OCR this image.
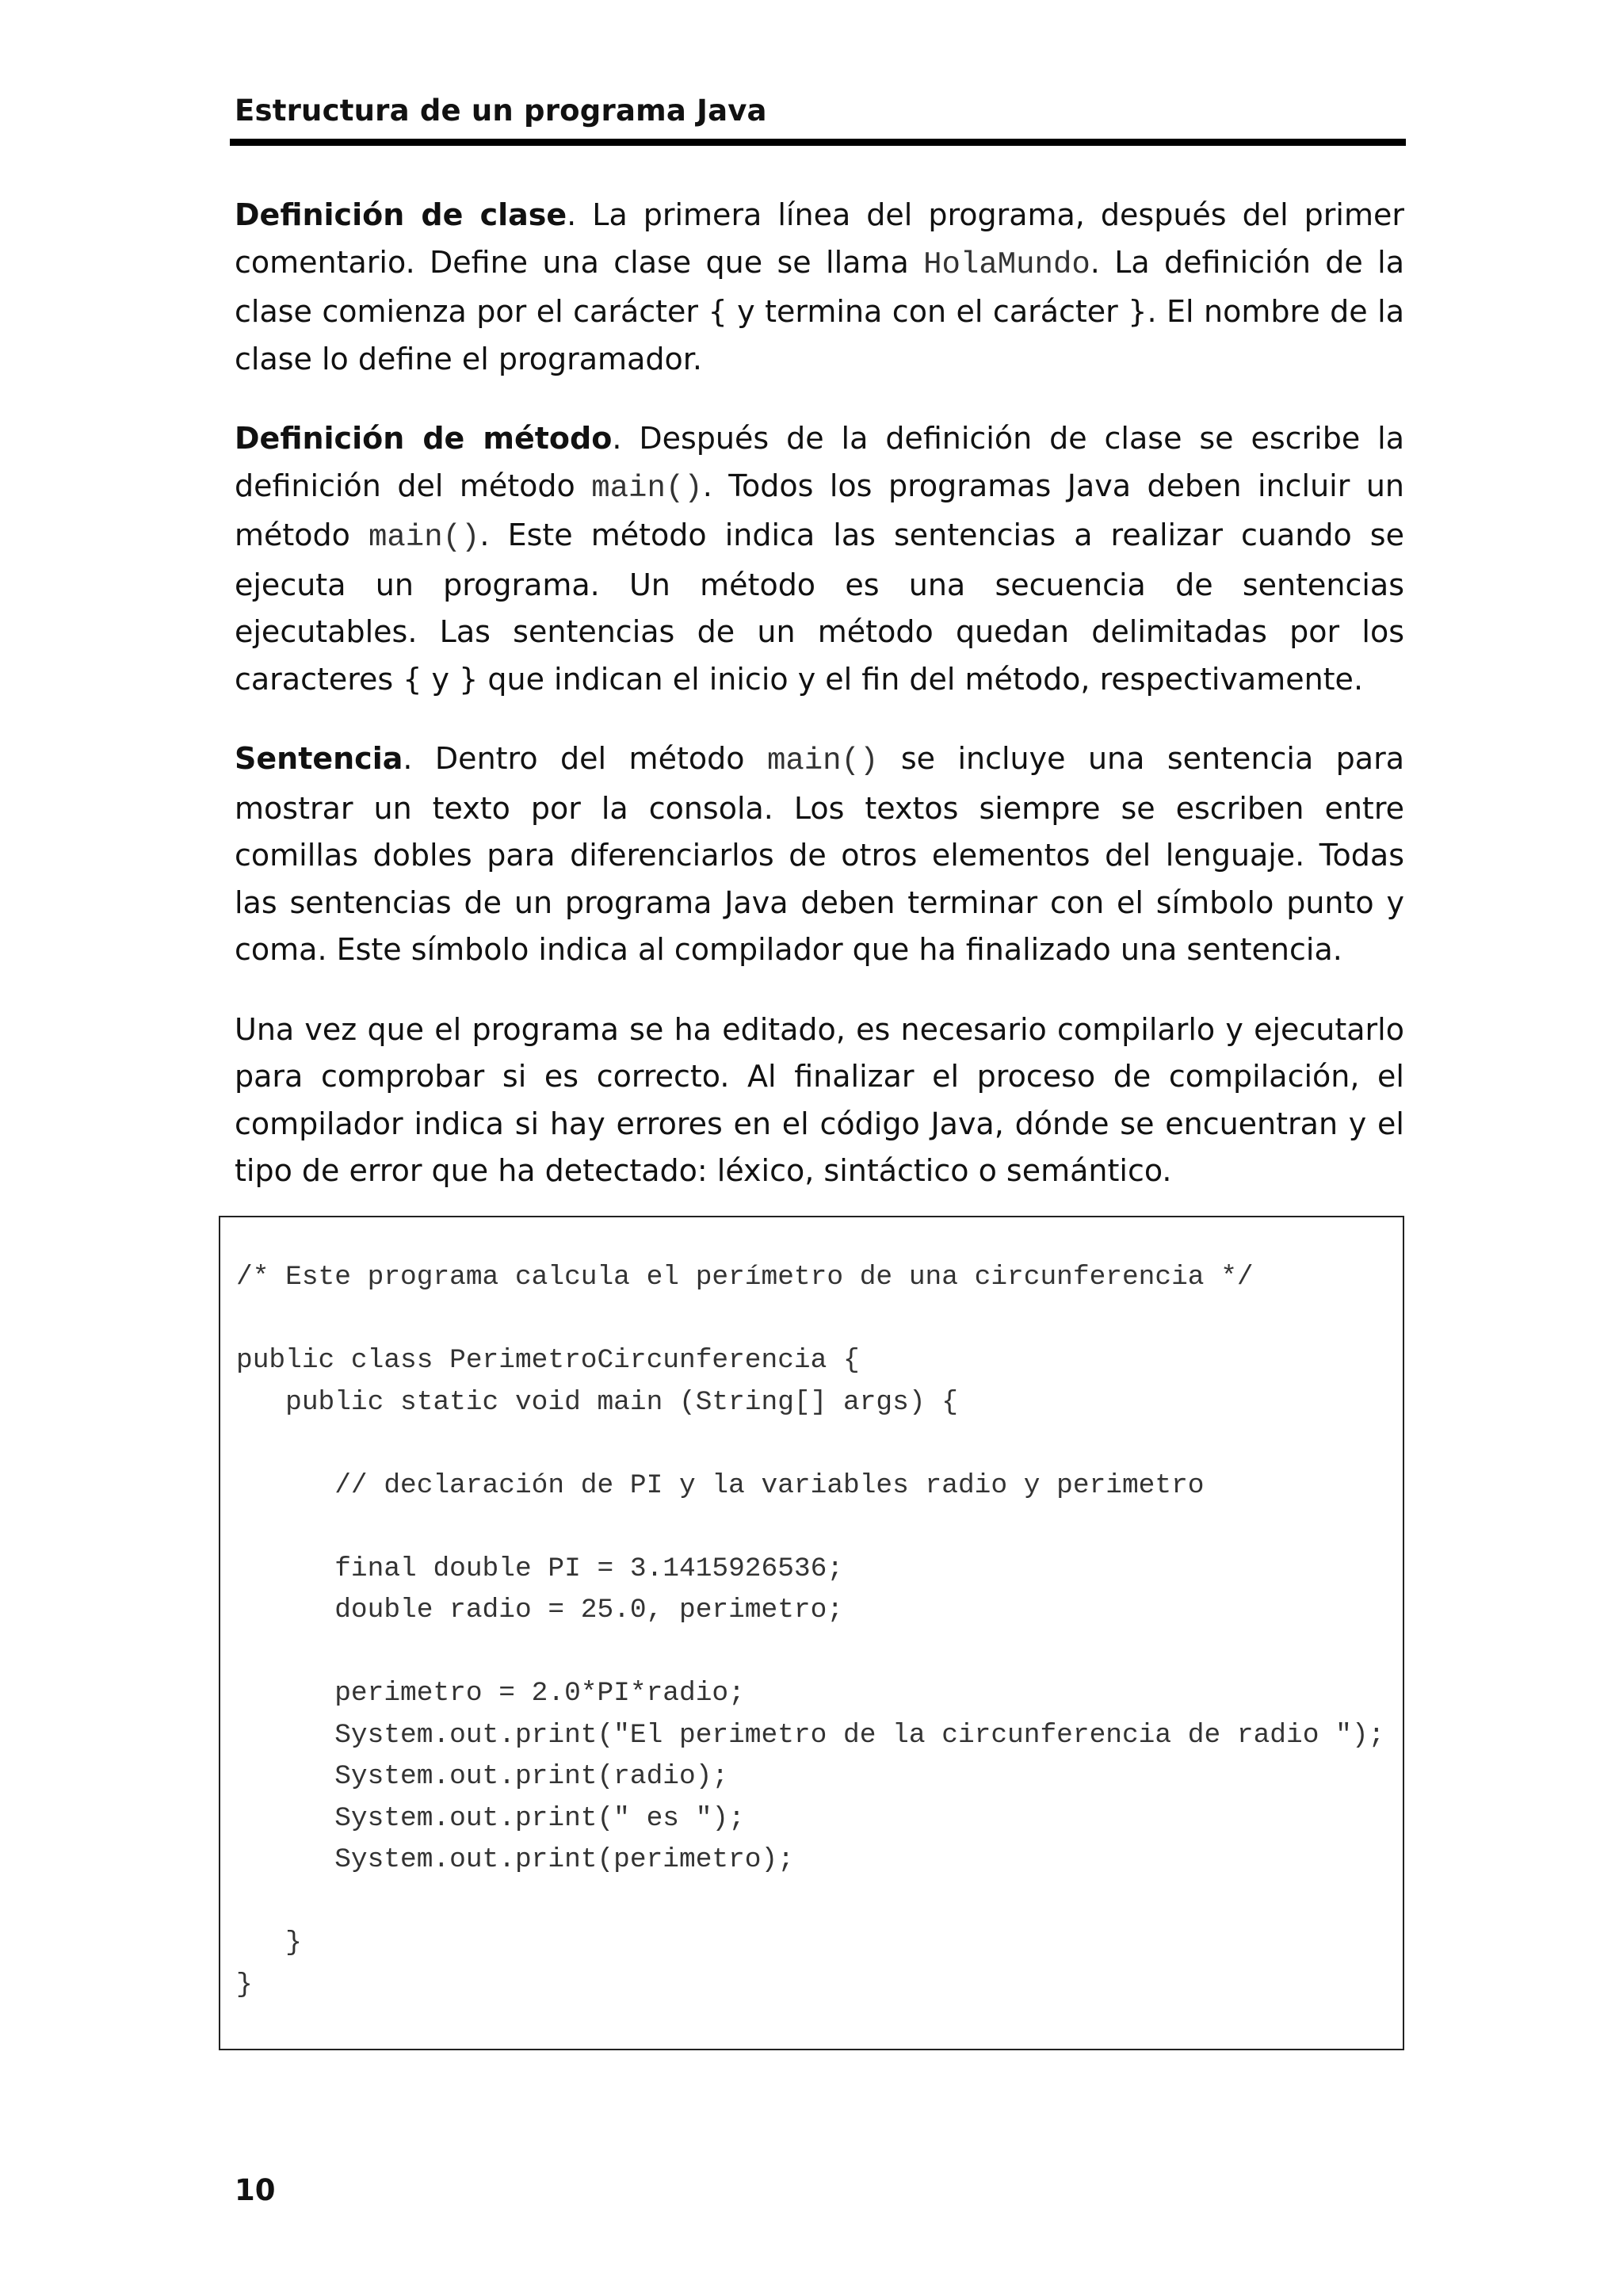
Estructura de un programa Java

Definición de clase. La primera línea del programa, después del primer comentario. Define una clase que se llama HolaMundo. La definición de la clase comienza por el carácter { y termina con el carácter }. El nombre de la clase lo define el programador.

Definición de método. Después de la definición de clase se escribe la definición del método main(). Todos los programas Java deben incluir un método main(). Este método indica las sentencias a realizar cuando se ejecuta un programa. Un método es una secuencia de sentencias ejecutables. Las sentencias de un método quedan delimitadas por los caracteres { y } que indican el inicio y el fin del método, respectivamente.

Sentencia. Dentro del método main() se incluye una sentencia para mostrar un texto por la consola. Los textos siempre se escriben entre comillas dobles para diferenciarlos de otros elementos del lenguaje. Todas las sentencias de un programa Java deben terminar con el símbolo punto y coma. Este símbolo indica al compilador que ha finalizado una sentencia.

Una vez que el programa se ha editado, es necesario compilarlo y ejecutarlo para comprobar si es correcto. Al finalizar el proceso de compilación, el compilador indica si hay errores en el código Java, dónde se encuentran y el tipo de error que ha detectado: léxico, sintáctico o semántico.

/* Este programa calcula el perímetro de una circunferencia */
public class PerimetroCircunferencia {
public static void main (String[] args) {
// declaración de PI y la variables radio y perimetro
final double PI = 3.1415926536;
double radio = 25.0, perimetro;
perimetro = 2.0*PI*radio;
System.out.print("El perimetro de la circunferencia de radio ");
System.out.print(radio);
System.out.print(" es ");
System.out.print(perimetro);
}
}
10
